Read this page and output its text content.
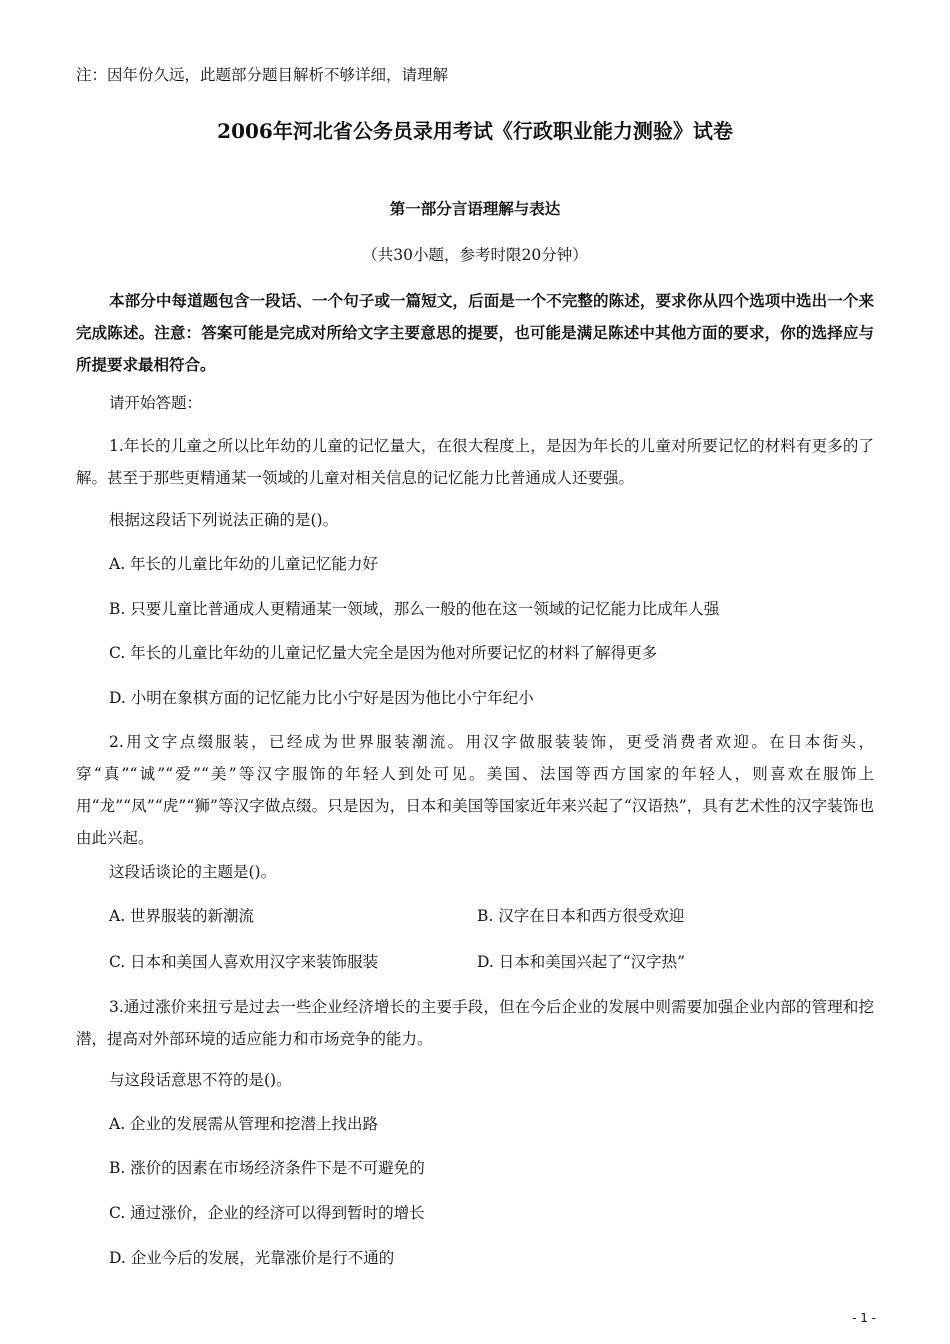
注：因年份久远，此题部分题目解析不够详细，请理解
2006年河北省公务员录用考试《行政职业能力测验》试卷
第一部分言语理解与表达
（共30小题，参考时限20分钟）
本部分中每道题包含一段话、一个句子或一篇短文，后面是一个不完整的陈述，要求你从四个选项中选出一个来完成陈述。注意：答案可能是完成对所给文字主要意思的提要，也可能是满足陈述中其他方面的要求，你的选择应与所提要求最相符合。
请开始答题：
1.年长的儿童之所以比年幼的儿童的记忆量大，在很大程度上，是因为年长的儿童对所要记忆的材料有更多的了解。甚至于那些更精通某一领域的儿童对相关信息的记忆能力比普通成人还要强。
根据这段话下列说法正确的是()。
A. 年长的儿童比年幼的儿童记忆能力好
B. 只要儿童比普通成人更精通某一领域，那么一般的他在这一领域的记忆能力比成年人强
C. 年长的儿童比年幼的儿童记忆量大完全是因为他对所要记忆的材料了解得更多
D. 小明在象棋方面的记忆能力比小宁好是因为他比小宁年纪小
2.用文字点缀服装，已经成为世界服装潮流。用汉字做服装装饰，更受消费者欢迎。在日本街头，穿“真”“诚”“爱”“美”等汉字服饰的年轻人到处可见。美国、法国等西方国家的年轻人，则喜欢在服饰上用“龙”“凤”“虎”“狮”等汉字做点缀。只是因为，日本和美国等国家近年来兴起了“汉语热”，具有艺术性的汉字装饰也由此兴起。
这段话谈论的主题是()。
A. 世界服装的新潮流	B. 汉字在日本和西方很受欢迎
C. 日本和美国人喜欢用汉字来装饰服装	D. 日本和美国兴起了“汉字热”
3.通过涨价来扭亏是过去一些企业经济增长的主要手段，但在今后企业的发展中则需要加强企业内部的管理和挖潜，提高对外部环境的适应能力和市场竞争的能力。
与这段话意思不符的是()。
A. 企业的发展需从管理和挖潜上找出路
B. 涨价的因素在市场经济条件下是不可避免的
C. 通过涨价，企业的经济可以得到暂时的增长
D. 企业今后的发展，光靠涨价是行不通的
- 1 -
